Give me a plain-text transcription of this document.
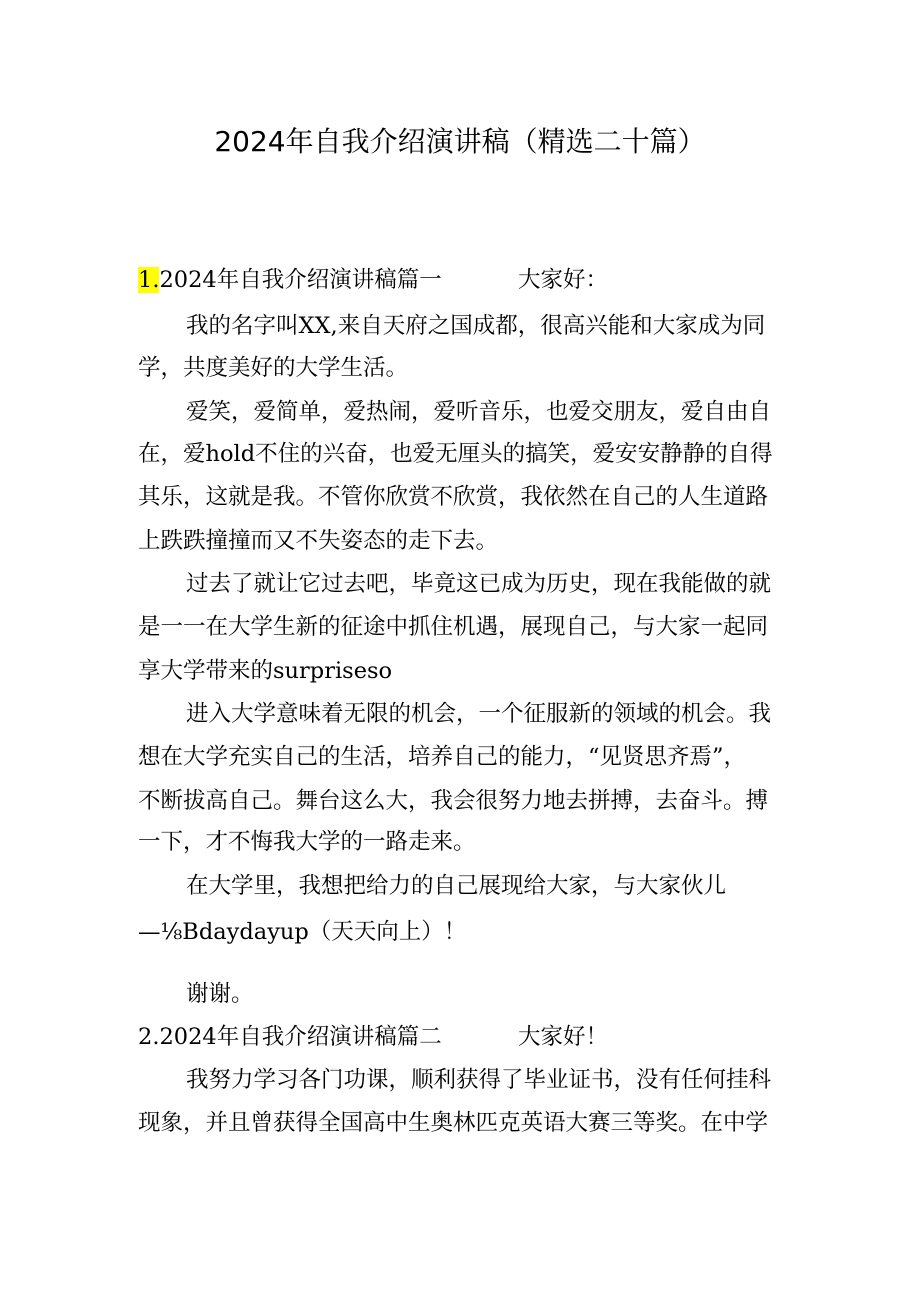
2024年自我介绍演讲稿（精选二十篇）
1.2024年自我介绍演讲稿篇一	大家好：
我的名字叫XX,来自天府之国成都，很高兴能和大家成为同
学，共度美好的大学生活。
爱笑，爱简单，爱热闹，爱听音乐，也爱交朋友，爱自由自
在，爱hold不住的兴奋，也爱无厘头的搞笑，爱安安静静的自得
其乐，这就是我。不管你欣赏不欣赏，我依然在自己的人生道路
上跌跌撞撞而又不失姿态的走下去。
过去了就让它过去吧，毕竟这已成为历史，现在我能做的就
是一一在大学生新的征途中抓住机遇，展现自己，与大家一起同
享大学带来的surpriseso
进入大学意味着无限的机会，一个征服新的领域的机会。我
想在大学充实自己的生活，培养自己的能力，“见贤思齐焉”，
不断拔高自己。舞台这么大，我会很努力地去拼搏，去奋斗。搏
一下，才不悔我大学的一路走来。
在大学里，我想把给力的自己展现给大家，与大家伙儿
—⅛Bdaydayup（天天向上）！
谢谢。
2.2024年自我介绍演讲稿篇二	大家好！
我努力学习各门功课，顺利获得了毕业证书，没有任何挂科
现象，并且曾获得全国高中生奥林匹克英语大赛三等奖。在中学
